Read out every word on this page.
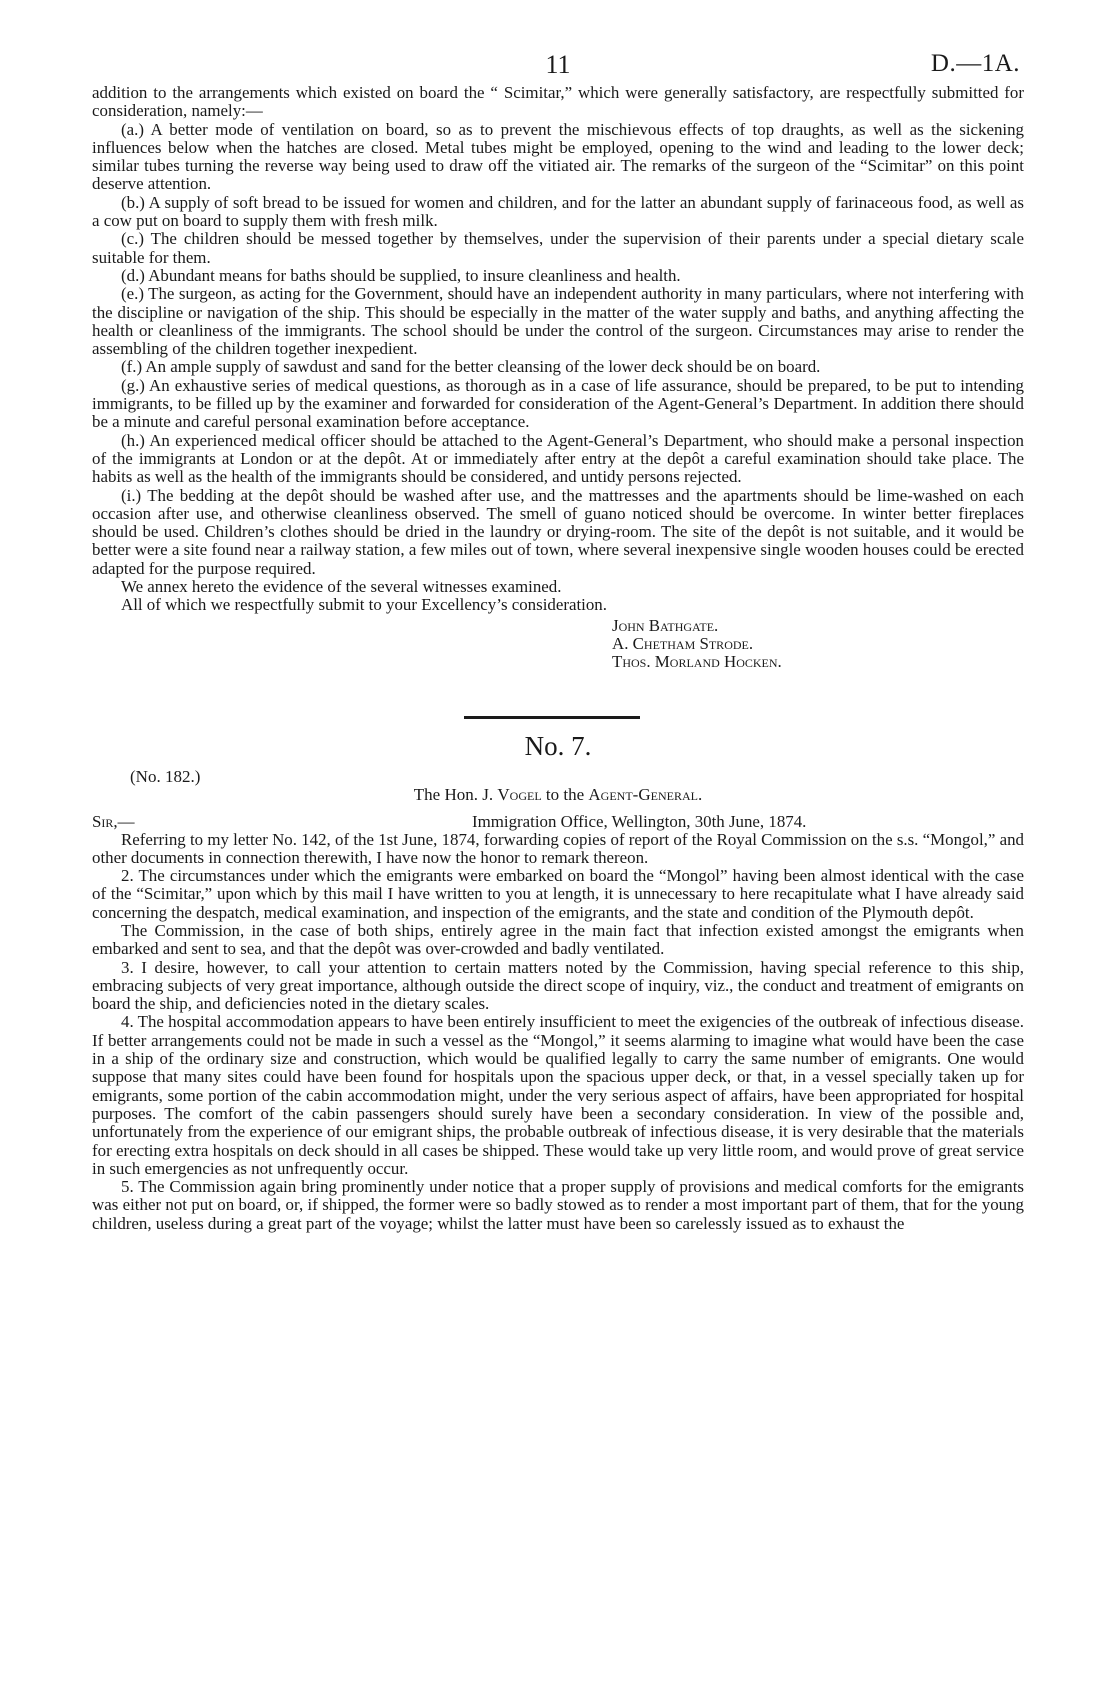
11	D.—1A.

addition to the arrangements which existed on board the “ Scimitar,” which were generally satisfactory, are respectfully submitted for consideration, namely:—

(a.) A better mode of ventilation on board, so as to prevent the mischievous effects of top draughts, as well as the sickening influences below when the hatches are closed. Metal tubes might be employed, opening to the wind and leading to the lower deck; similar tubes turning the reverse way being used to draw off the vitiated air. The remarks of the surgeon of the “Scimitar” on this point deserve attention.

(b.) A supply of soft bread to be issued for women and children, and for the latter an abundant supply of farinaceous food, as well as a cow put on board to supply them with fresh milk.

(c.) The children should be messed together by themselves, under the supervision of their parents under a special dietary scale suitable for them.

(d.) Abundant means for baths should be supplied, to insure cleanliness and health.

(e.) The surgeon, as acting for the Government, should have an independent authority in many particulars, where not interfering with the discipline or navigation of the ship. This should be especially in the matter of the water supply and baths, and anything affecting the health or cleanliness of the immigrants. The school should be under the control of the surgeon. Circumstances may arise to render the assembling of the children together inexpedient.

(f.) An ample supply of sawdust and sand for the better cleansing of the lower deck should be on board.

(g.) An exhaustive series of medical questions, as thorough as in a case of life assurance, should be prepared, to be put to intending immigrants, to be filled up by the examiner and forwarded for consideration of the Agent-General’s Department. In addition there should be a minute and careful personal examination before acceptance.

(h.) An experienced medical officer should be attached to the Agent-General’s Department, who should make a personal inspection of the immigrants at London or at the depôt. At or immediately after entry at the depôt a careful examination should take place. The habits as well as the health of the immigrants should be considered, and untidy persons rejected.

(i.) The bedding at the depôt should be washed after use, and the mattresses and the apartments should be lime-washed on each occasion after use, and otherwise cleanliness observed. The smell of guano noticed should be overcome. In winter better fireplaces should be used. Children’s clothes should be dried in the laundry or drying-room. The site of the depôt is not suitable, and it would be better were a site found near a railway station, a few miles out of town, where several inexpensive single wooden houses could be erected adapted for the purpose required.

We annex hereto the evidence of the several witnesses examined.

All of which we respectfully submit to your Excellency’s consideration.

John Bathgate.
A. Chetham Strode.
Thos. Morland Hocken.
No. 7.
(No. 182.)
The Hon. J. Vogel to the Agent-General.
Sir,—	Immigration Office, Wellington, 30th June, 1874.

Referring to my letter No. 142, of the 1st June, 1874, forwarding copies of report of the Royal Commission on the s.s. “Mongol,” and other documents in connection therewith, I have now the honor to remark thereon.

2. The circumstances under which the emigrants were embarked on board the “Mongol” having been almost identical with the case of the “Scimitar,” upon which by this mail I have written to you at length, it is unnecessary to here recapitulate what I have already said concerning the despatch, medical examination, and inspection of the emigrants, and the state and condition of the Plymouth depôt.

The Commission, in the case of both ships, entirely agree in the main fact that infection existed amongst the emigrants when embarked and sent to sea, and that the depôt was over-crowded and badly ventilated.

3. I desire, however, to call your attention to certain matters noted by the Commission, having special reference to this ship, embracing subjects of very great importance, although outside the direct scope of inquiry, viz., the conduct and treatment of emigrants on board the ship, and deficiencies noted in the dietary scales.

4. The hospital accommodation appears to have been entirely insufficient to meet the exigencies of the outbreak of infectious disease. If better arrangements could not be made in such a vessel as the “Mongol,” it seems alarming to imagine what would have been the case in a ship of the ordinary size and construction, which would be qualified legally to carry the same number of emigrants. One would suppose that many sites could have been found for hospitals upon the spacious upper deck, or that, in a vessel specially taken up for emigrants, some portion of the cabin accommodation might, under the very serious aspect of affairs, have been appropriated for hospital purposes. The comfort of the cabin passengers should surely have been a secondary consideration. In view of the possible and, unfortunately from the experience of our emigrant ships, the probable outbreak of infectious disease, it is very desirable that the materials for erecting extra hospitals on deck should in all cases be shipped. These would take up very little room, and would prove of great service in such emergencies as not unfrequently occur.

5. The Commission again bring prominently under notice that a proper supply of provisions and medical comforts for the emigrants was either not put on board, or, if shipped, the former were so badly stowed as to render a most important part of them, that for the young children, useless during a great part of the voyage; whilst the latter must have been so carelessly issued as to exhaust the
